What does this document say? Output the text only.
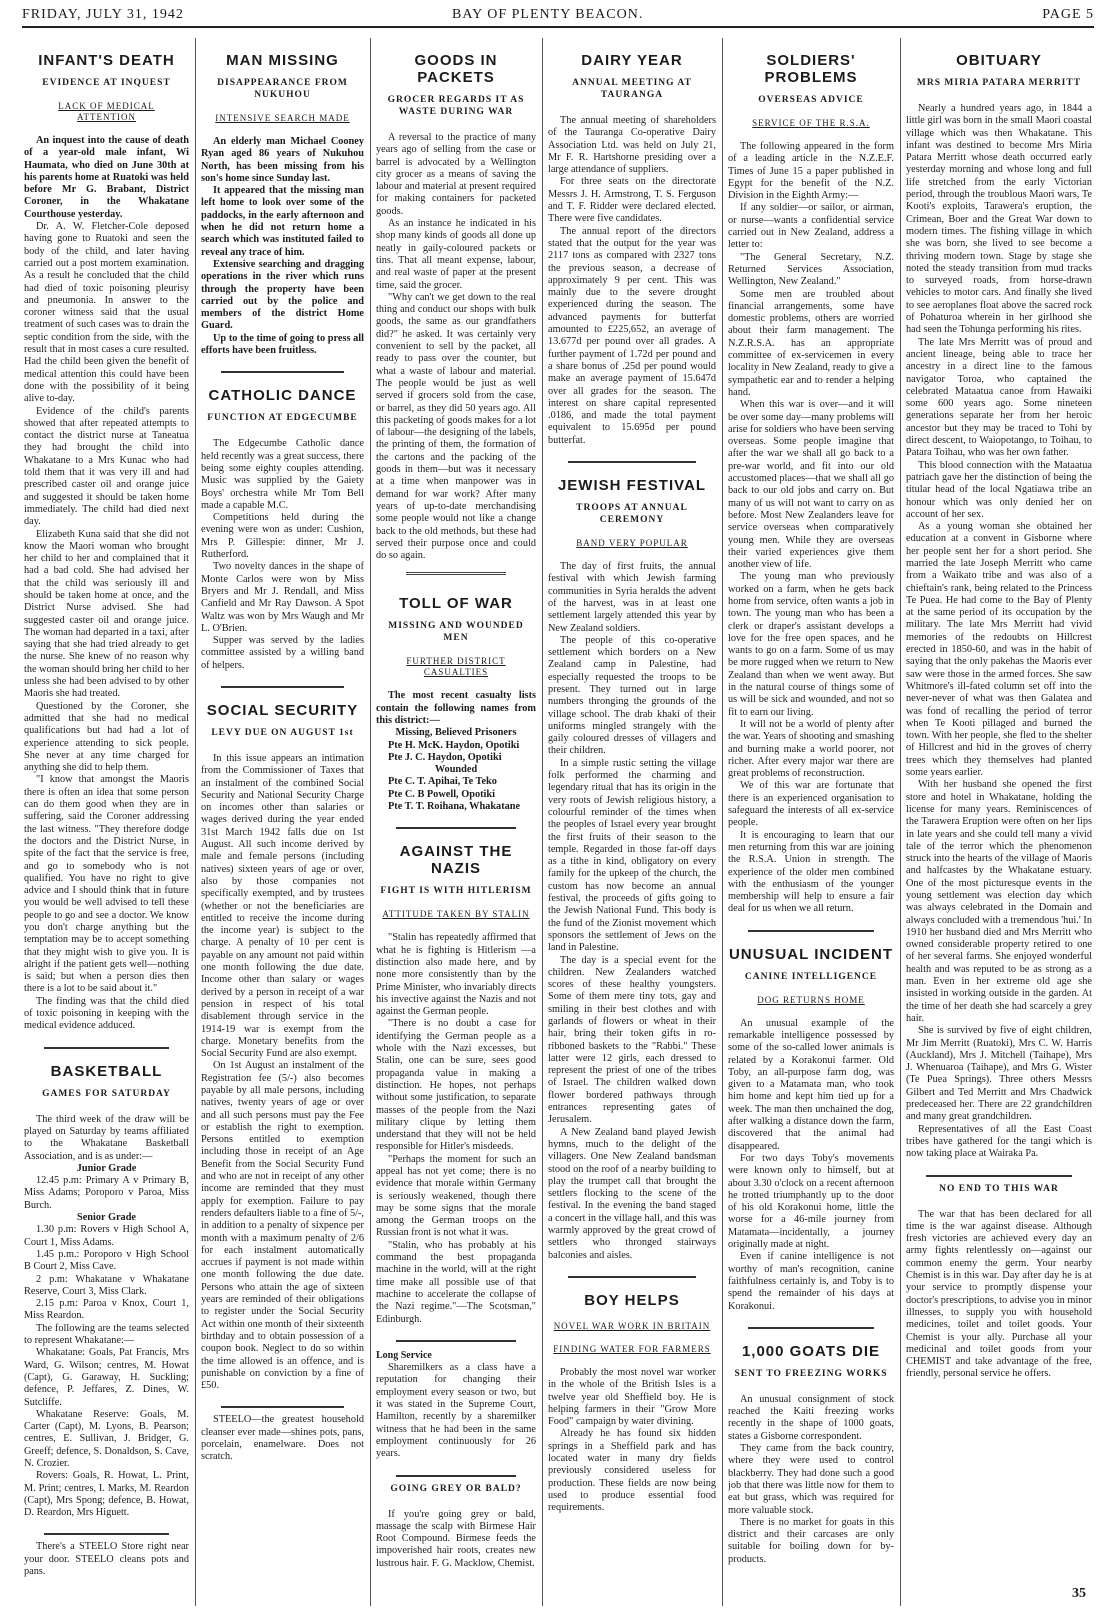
FRIDAY, JULY 31, 1942	BAY OF PLENTY BEACON.	PAGE 5
INFANT'S DEATH
EVIDENCE AT INQUEST
LACK OF MEDICAL ATTENTION

An inquest into the cause of death of a year-old male infant, Wi Haumata, who died on June 30th at his parents home at Ruatoki was held before Mr G. Brabant, District Coroner, in the Whakatane Courthouse yesterday.

Dr. A. W. Fletcher-Cole deposed having gone to Ruatoki and seen the body of the child, and later having carried out a post mortem examination. As a result he concluded that the child had died of toxic poisoning pleurisy and pneumonia. In answer to the coroner witness said that the usual treatment of such cases was to drain the septic condition from the side, with the result that in most cases a cure resulted. Had the child been given the benefit of medical attention this could have been done with the possibility of it being alive to-day.

Evidence of the child's parents showed that after repeated attempts to contact the district nurse at Taneatua they had brought the child into Whakatane to a Mrs Kunac who had told them that it was very ill and had prescribed caster oil and orange juice and suggested it should be taken home immediately. The child had died next day.

Elizabeth Kuna said that she did not know the Maori woman who brought her child to her and complained that it had a bad cold. She had advised her that the child was seriously ill and should be taken home at once, and the District Nurse advised. She had suggested caster oil and orange juice. The woman had departed in a taxi, after saying that she had tried already to get the nurse. She knew of no reason why the woman should bring her child to her unless she had been advised to by other Maoris she had treated.

Questioned by the Coroner, she admitted that she had no medical qualifications but had had a lot of experience attending to sick people. She never at any time charged for anything she did to help them.

"I know that amongst the Maoris there is often an idea that some person can do them good when they are in suffering, said the Coroner addressing the last witness. "They therefore dodge the doctors and the District Nurse, in spite of the fact that the service is free, and go to somebody who is not qualified. You have no right to give advice and I should think that in future you would be well advised to tell these people to go and see a doctor. We know you don't charge anything but the temptation may be to accept something that they might wish to give you. It is alright if the patient gets well—nothing is said; but when a person dies then there is a lot to be said about it."

The finding was that the child died of toxic poisoning in keeping with the medical evidence adduced.

BASKETBALL
GAMES FOR SATURDAY

The third week of the draw will be played on Saturday by teams affiliated to the Whakatane Basketball Association, and is as under:—

Junior Grade

12.45 p.m: Primary A v Primary B, Miss Adams; Poroporo v Paroa, Miss Burch.

Senior Grade

1.30 p.m: Rovers v High School A, Court 1, Miss Adams.

1.45 p.m.: Poroporo v High School B Court 2, Miss Cave.

2 p.m: Whakatane v Whakatane Reserve, Court 3, Miss Clark.

2.15 p.m: Paroa v Knox, Court 1, Miss Reardon.

The following are the teams selected to represent Whakatane:—

Whakatane: Goals, Pat Francis, Mrs Ward, G. Wilson; centres, M. Howat (Capt), G. Garaway, H. Suckling; defence, P. Jeffares, Z. Dines, W. Sutcliffe.

Whakatane Reserve: Goals, M. Carter (Capt), M. Lyons, B. Pearson; centres, E. Sullivan, J. Bridger, G. Greeff; defence, S. Donaldson, S. Cave, N. Crozier.

Rovers: Goals, R. Howat, L. Print, M. Print; centres, I. Marks, M. Reardon (Capt), Mrs Spong; defence, B. Howat, D. Reardon, Mrs Higuett.

There's a STEELO Store right near your door. STEELO cleans pots and pans.

MAN MISSING
DISAPPEARANCE FROM NUKUHOU
INTENSIVE SEARCH MADE

An elderly man Michael Cooney Ryan aged 86 years of Nukuhou North, has been missing from his son's home since Sunday last.

It appeared that the missing man left home to look over some of the paddocks, in the early afternoon and when he did not return home a search which was instituted failed to reveal any trace of him.

Extensive searching and dragging operations in the river which runs through the property have been carried out by the police and members of the district Home Guard.

Up to the time of going to press all efforts have been fruitless.

CATHOLIC DANCE
FUNCTION AT EDGECUMBE

The Edgecumbe Catholic dance held recently was a great success, there being some eighty couples attending. Music was supplied by the Gaiety Boys' orchestra while Mr Tom Bell made a capable M.C.

Competitions held during the evening were won as under: Cushion, Mrs P. Gillespie: dinner, Mr J. Rutherford.

Two novelty dances in the shape of Monte Carlos were won by Miss Bryers and Mr J. Rendall, and Miss Canfield and Mr Ray Dawson. A Spot Waltz was won by Mrs Waugh and Mr L. O'Brien.

Supper was served by the ladies committee assisted by a willing band of helpers.

SOCIAL SECURITY
LEVY DUE ON AUGUST 1st

In this issue appears an intimation from the Commissioner of Taxes that an instalment of the combined Social Security and National Security Charge on incomes other than salaries or wages derived during the year ended 31st March 1942 falls due on 1st August. All such income derived by male and female persons (including natives) sixteen years of age or over, also by those companies not specifically exempted, and by trustees (whether or not the beneficiaries are entitled to receive the income during the income year) is subject to the charge. A penalty of 10 per cent is payable on any amount not paid within one month following the due date. Income other than salary or wages derived by a person in receipt of a war pension in respect of his total disablement through service in the 1914-19 war is exempt from the charge. Monetary benefits from the Social Security Fund are also exempt.

On 1st August an instalment of the Registration fee (5/-) also becomes payable by all male persons, including natives, twenty years of age or over and all such persons must pay the Fee or establish the right to exemption. Persons entitled to exemption including those in receipt of an Age Benefit from the Social Security Fund and who are not in receipt of any other income are reminded that they must apply for exemption. Failure to pay renders defaulters liable to a fine of 5/-, in addition to a penalty of sixpence per month with a maximum penalty of 2/6 for each instalment automatically accrues if payment is not made within one month following the due date. Persons who attain the age of sixteen years are reminded of their obligations to register under the Social Security Act within one month of their sixteenth birthday and to obtain possession of a coupon book. Neglect to do so within the time allowed is an offence, and is punishable on conviction by a fine of £50.

STEELO—the greatest household cleanser ever made—shines pots, pans, porcelain, enamelware. Does not scratch.

GOODS IN PACKETS
GROCER REGARDS IT AS WASTE DURING WAR

A reversal to the practice of many years ago of selling from the case or barrel is advocated by a Wellington city grocer as a means of saving the labour and material at present required for making containers for packeted goods.

As an instance he indicated in his shop many kinds of goods all done up neatly in gaily-coloured packets or tins. That all meant expense, labour, and real waste of paper at the present time, said the grocer.

"Why can't we get down to the real thing and conduct our shops with bulk goods, the same as our grandfathers did?" he asked. It was certainly very convenient to sell by the packet, all ready to pass over the counter, but what a waste of labour and material. The people would be just as well served if grocers sold from the case, or barrel, as they did 50 years ago. All this packeting of goods makes for a lot of labour—the designing of the labels, the printing of them, the formation of the cartons and the packing of the goods in them—but was it necessary at a time when manpower was in demand for war work? After many years of up-to-date merchandising some people would not like a change back to the old methods, but these had served their purpose once and could do so again.

TOLL OF WAR
MISSING AND WOUNDED MEN
FURTHER DISTRICT CASUALTIES

The most recent casualty lists contain the following names from this district:—

Missing, Believed Prisoners

Pte H. McK. Haydon, Opotiki

Pte J. C. Haydon, Opotiki

Wounded

Pte C. T. Apihai, Te Teko

Pte C. B Powell, Opotiki

Pte T. T. Roihana, Whakatane

AGAINST THE NAZIS
FIGHT IS WITH HITLERISM
ATTITUDE TAKEN BY STALIN

"Stalin has repeatedly affirmed that what he is fighting is Hitlerism —a distinction also made here, and by none more consistently than by the Prime Minister, who invariably directs his invective against the Nazis and not against the German people.

"There is no doubt a case for identifying the German people as a whole with the Nazi excesses, but Stalin, one can be sure, sees good propaganda value in making a distinction. He hopes, not perhaps without some justification, to separate masses of the people from the Nazi military clique by letting them understand that they will not be held responsible for Hitler's misdeeds.

"Perhaps the moment for such an appeal has not yet come; there is no evidence that morale within Germany is seriously weakened, though there may be some signs that the morale among the German troops on the Russian front is not what it was.

"Stalin, who has probably at his command the best propaganda machine in the world, will at the right time make all possible use of that machine to accelerate the collapse of the Nazi regime."—The Scotsman," Edinburgh.

Long Service

Sharemilkers as a class have a reputation for changing their employment every season or two, but it was stated in the Supreme Court, Hamilton, recently by a sharemilker witness that he had been in the same employment continuously for 26 years.

GOING GREY OR BALD?

If you're going grey or bald, massage the scalp with Birmese Hair Root Compound. Birmese feeds the impoverished hair roots, creates new lustrous hair. F. G. Macklow, Chemist.

DAIRY YEAR
ANNUAL MEETING AT TAURANGA

The annual meeting of shareholders of the Tauranga Co-operative Dairy Association Ltd. was held on July 21, Mr F. R. Hartshorne presiding over a large attendance of suppliers.

For three seats on the directorate Messrs J. H. Armstrong, T. S. Ferguson and T. F. Ridder were declared elected. There were five candidates.

The annual report of the directors stated that the output for the year was 2117 tons as compared with 2327 tons the previous season, a decrease of approximately 9 per cent. This was mainly due to the severe drought experienced during the season. The advanced payments for butterfat amounted to £225,652, an average of 13.677d per pound over all grades. A further payment of 1.72d per pound and a share bonus of .25d per pound would make an average payment of 15.647d over all grades for the season. The interest on share capital represented .0186, and made the total payment equivalent to 15.695d per pound butterfat.

JEWISH FESTIVAL
TROOPS AT ANNUAL CEREMONY
BAND VERY POPULAR

The day of first fruits, the annual festival with which Jewish farming communities in Syria heralds the advent of the harvest, was in at least one settlement largely attended this year by New Zealand soldiers.

The people of this co-operative settlement which borders on a New Zealand camp in Palestine, had especially requested the troops to be present. They turned out in large numbers thronging the grounds of the village school. The drab khaki of their uniforms mingled strangely with the gaily coloured dresses of villagers and their children.

In a simple rustic setting the village folk performed the charming and legendary ritual that has its origin in the very roots of Jewish religious history, a colourful reminder of the times when the peoples of Israel every year brought the first fruits of their season to the temple. Regarded in those far-off days as a tithe in kind, obligatory on every family for the upkeep of the church, the custom has now become an annual festival, the proceeds of gifts going to the Jewish National Fund. This body is the fund of the Zionist movement which sponsors the settlement of Jews on the land in Palestine.

The day is a special event for the children. New Zealanders watched scores of these healthy youngsters. Some of them mere tiny tots, gay and smiling in their best clothes and with garlands of flowers or wheat in their hair, bring their token gifts in ro-ribboned baskets to the "Rabbi." These latter were 12 girls, each dressed to represent the priest of one of the tribes of Israel. The children walked down flower bordered pathways through entrances representing gates of Jerusalem.

A New Zealand band played Jewish hymns, much to the delight of the villagers. One New Zealand bandsman stood on the roof of a nearby building to play the trumpet call that brought the settlers flocking to the scene of the festival. In the evening the band staged a concert in the village hall, and this was warmly approved by the great crowd of settlers who thronged stairways balconies and aisles.

BOY HELPS
NOVEL WAR WORK IN BRITAIN
FINDING WATER FOR FARMERS

Probably the most novel war worker in the whole of the British Isles is a twelve year old Sheffield boy. He is helping farmers in their "Grow More Food" campaign by water divining.

Already he has found six hidden springs in a Sheffield park and has located water in many dry fields previously considered useless for production. These fields are now being used to produce essential food requirements.

SOLDIERS' PROBLEMS
OVERSEAS ADVICE
SERVICE OF THE R.S.A.

The following appeared in the form of a leading article in the N.Z.E.F. Times of June 15 a paper published in Egypt for the benefit of the N.Z. Division in the Eighth Army:—

If any soldier—or sailor, or airman, or nurse—wants a confidential service carried out in New Zealand, address a letter to:

"The General Secretary, N.Z. Returned Services Association, Wellington, New Zealand."

Some men are troubled about financial arrangements, some have domestic problems, others are worried about their farm management. The N.Z.R.S.A. has an appropriate committee of ex-servicemen in every locality in New Zealand, ready to give a sympathetic ear and to render a helping hand.

When this war is over—and it will be over some day—many problems will arise for soldiers who have been serving overseas. Some people imagine that after the war we shall all go back to a pre-war world, and fit into our old accustomed places—that we shall all go back to our old jobs and carry on. But many of us will not want to carry on as before. Most New Zealanders leave for service overseas when comparatively young men. While they are overseas their varied experiences give them another view of life.

The young man who previously worked on a farm, when he gets back home from service, often wants a job in town. The young man who has been a clerk or draper's assistant develops a love for the free open spaces, and he wants to go on a farm. Some of us may be more rugged when we return to New Zealand than when we went away. But in the natural course of things some of us will be sick and wounded, and not so fit to earn our living.

It will not be a world of plenty after the war. Years of shooting and smashing and burning make a world poorer, not richer. After every major war there are great problems of reconstruction.

We of this war are fortunate that there is an experienced organisation to safeguard the interests of all ex-service people.

It is encouraging to learn that our men returning from this war are joining the R.S.A. Union in strength. The experience of the older men combined with the enthusiasm of the younger membership will help to ensure a fair deal for us when we all return.

UNUSUAL INCIDENT
CANINE INTELLIGENCE
DOG RETURNS HOME

An unusual example of the remarkable intelligence possessed by some of the so-called lower animals is related by a Korakonui farmer. Old Toby, an all-purpose farm dog, was given to a Matamata man, who took him home and kept him tied up for a week. The man then unchained the dog, after walking a distance down the farm, discovered that the animal had disappeared.

For two days Toby's movements were known only to himself, but at about 3.30 o'clock on a recent afternoon he trotted triumphantly up to the door of his old Korakonui home, little the worse for a 46-mile journey from Matamata—incidentally, a journey originally made at night.

Even if canine intelligence is not worthy of man's recognition, canine faithfulness certainly is, and Toby is to spend the remainder of his days at Korakonui.

1,000 GOATS DIE
SENT TO FREEZING WORKS

An unusual consignment of stock reached the Kaiti freezing works recently in the shape of 1000 goats, states a Gisborne correspondent.

They came from the back country, where they were used to control blackberry. They had done such a good job that there was little now for them to eat but grass, which was required for more valuable stock.

There is no market for goats in this district and their carcases are only suitable for boiling down for by-products.

OBITUARY
MRS MIRIA PATARA MERRITT

Nearly a hundred years ago, in 1844 a little girl was born in the small Maori coastal village which was then Whakatane. This infant was destined to become Mrs Miria Patara Merritt whose death occurred early yesterday morning and whose long and full life stretched from the early Victorian period, through the troublous Maori wars, Te Kooti's exploits, Tarawera's eruption, the Crimean, Boer and the Great War down to modern times. The fishing village in which she was born, she lived to see become a thriving modern town. Stage by stage she noted the steady transition from mud tracks to surveyed roads, from horse-drawn vehicles to motor cars. And finally she lived to see aeroplanes float above the sacred rock of Pohaturoa wherein in her girlhood she had seen the Tohunga performing his rites.

The late Mrs Merritt was of proud and ancient lineage, being able to trace her ancestry in a direct line to the famous navigator Toroa, who captained the celebrated Mataatua canoe from Hawaiki some 600 years ago. Some nineteen generations separate her from her heroic ancestor but they may be traced to Tohi by direct descent, to Waiopotango, to Toihau, to Patara Toihau, who was her own father.

This blood connection with the Mataatua patriach gave her the distinction of being the titular head of the local Ngatiawa tribe an honour which was only denied her on account of her sex.

As a young woman she obtained her education at a convent in Gisborne where her people sent her for a short period. She married the late Joseph Merritt who came from a Waikato tribe and was also of a chieftain's rank, being related to the Princess Te Puea. He had come to the Bay of Plenty at the same period of its occupation by the military. The late Mrs Merritt had vivid memories of the redoubts on Hillcrest erected in 1850-60, and was in the habit of saying that the only pakehas the Maoris ever saw were those in the armed forces. She saw Whitmore's ill-fated column set off into the never-never of what was then Galatea and was fond of recalling the period of terror when Te Kooti pillaged and burned the town. With her people, she fled to the shelter of Hillcrest and hid in the groves of cherry trees which they themselves had planted some years earlier.

With her husband she opened the first store and hotel in Whakatane, holding the license for many years. Reminiscences of the Tarawera Eruption were often on her lips in late years and she could tell many a vivid tale of the terror which the phenomenon struck into the hearts of the village of Maoris and halfcastes by the Whakatane estuary. One of the most picturesque events in the young settlement was election day which was always celebrated in the Domain and always concluded with a tremendous 'hui.' In 1910 her husband died and Mrs Merritt who owned considerable property retired to one of her several farms. She enjoyed wonderful health and was reputed to be as strong as a man. Even in her extreme old age she insisted in working outside in the garden. At the time of her death she had scarcely a grey hair.

She is survived by five of eight children, Mr Jim Merritt (Ruatoki), Mrs C. W. Harris (Auckland), Mrs J. Mitchell (Taihape), Mrs J. Whenuaroa (Taihape), and Mrs G. Wister (Te Puea Springs). Three others Messrs Gilbert and Ted Merritt and Mrs Chadwick predeceased her. There are 22 grandchildren and many great grandchildren.

Representatives of all the East Coast tribes have gathered for the tangi which is now taking place at Wairaka Pa.

NO END TO THIS WAR

The war that has been declared for all time is the war against disease. Although fresh victories are achieved every day an army fights relentlessly on—against our common enemy the germ. Your nearby Chemist is in this war. Day after day he is at your service to promptly dispense your doctor's prescriptions, to advise you in minor illnesses, to supply you with household medicines, toilet and toilet goods. Your Chemist is your ally. Purchase all your medicinal and toilet goods from your CHEMIST and take advantage of the free, friendly, personal service he offers.

35
